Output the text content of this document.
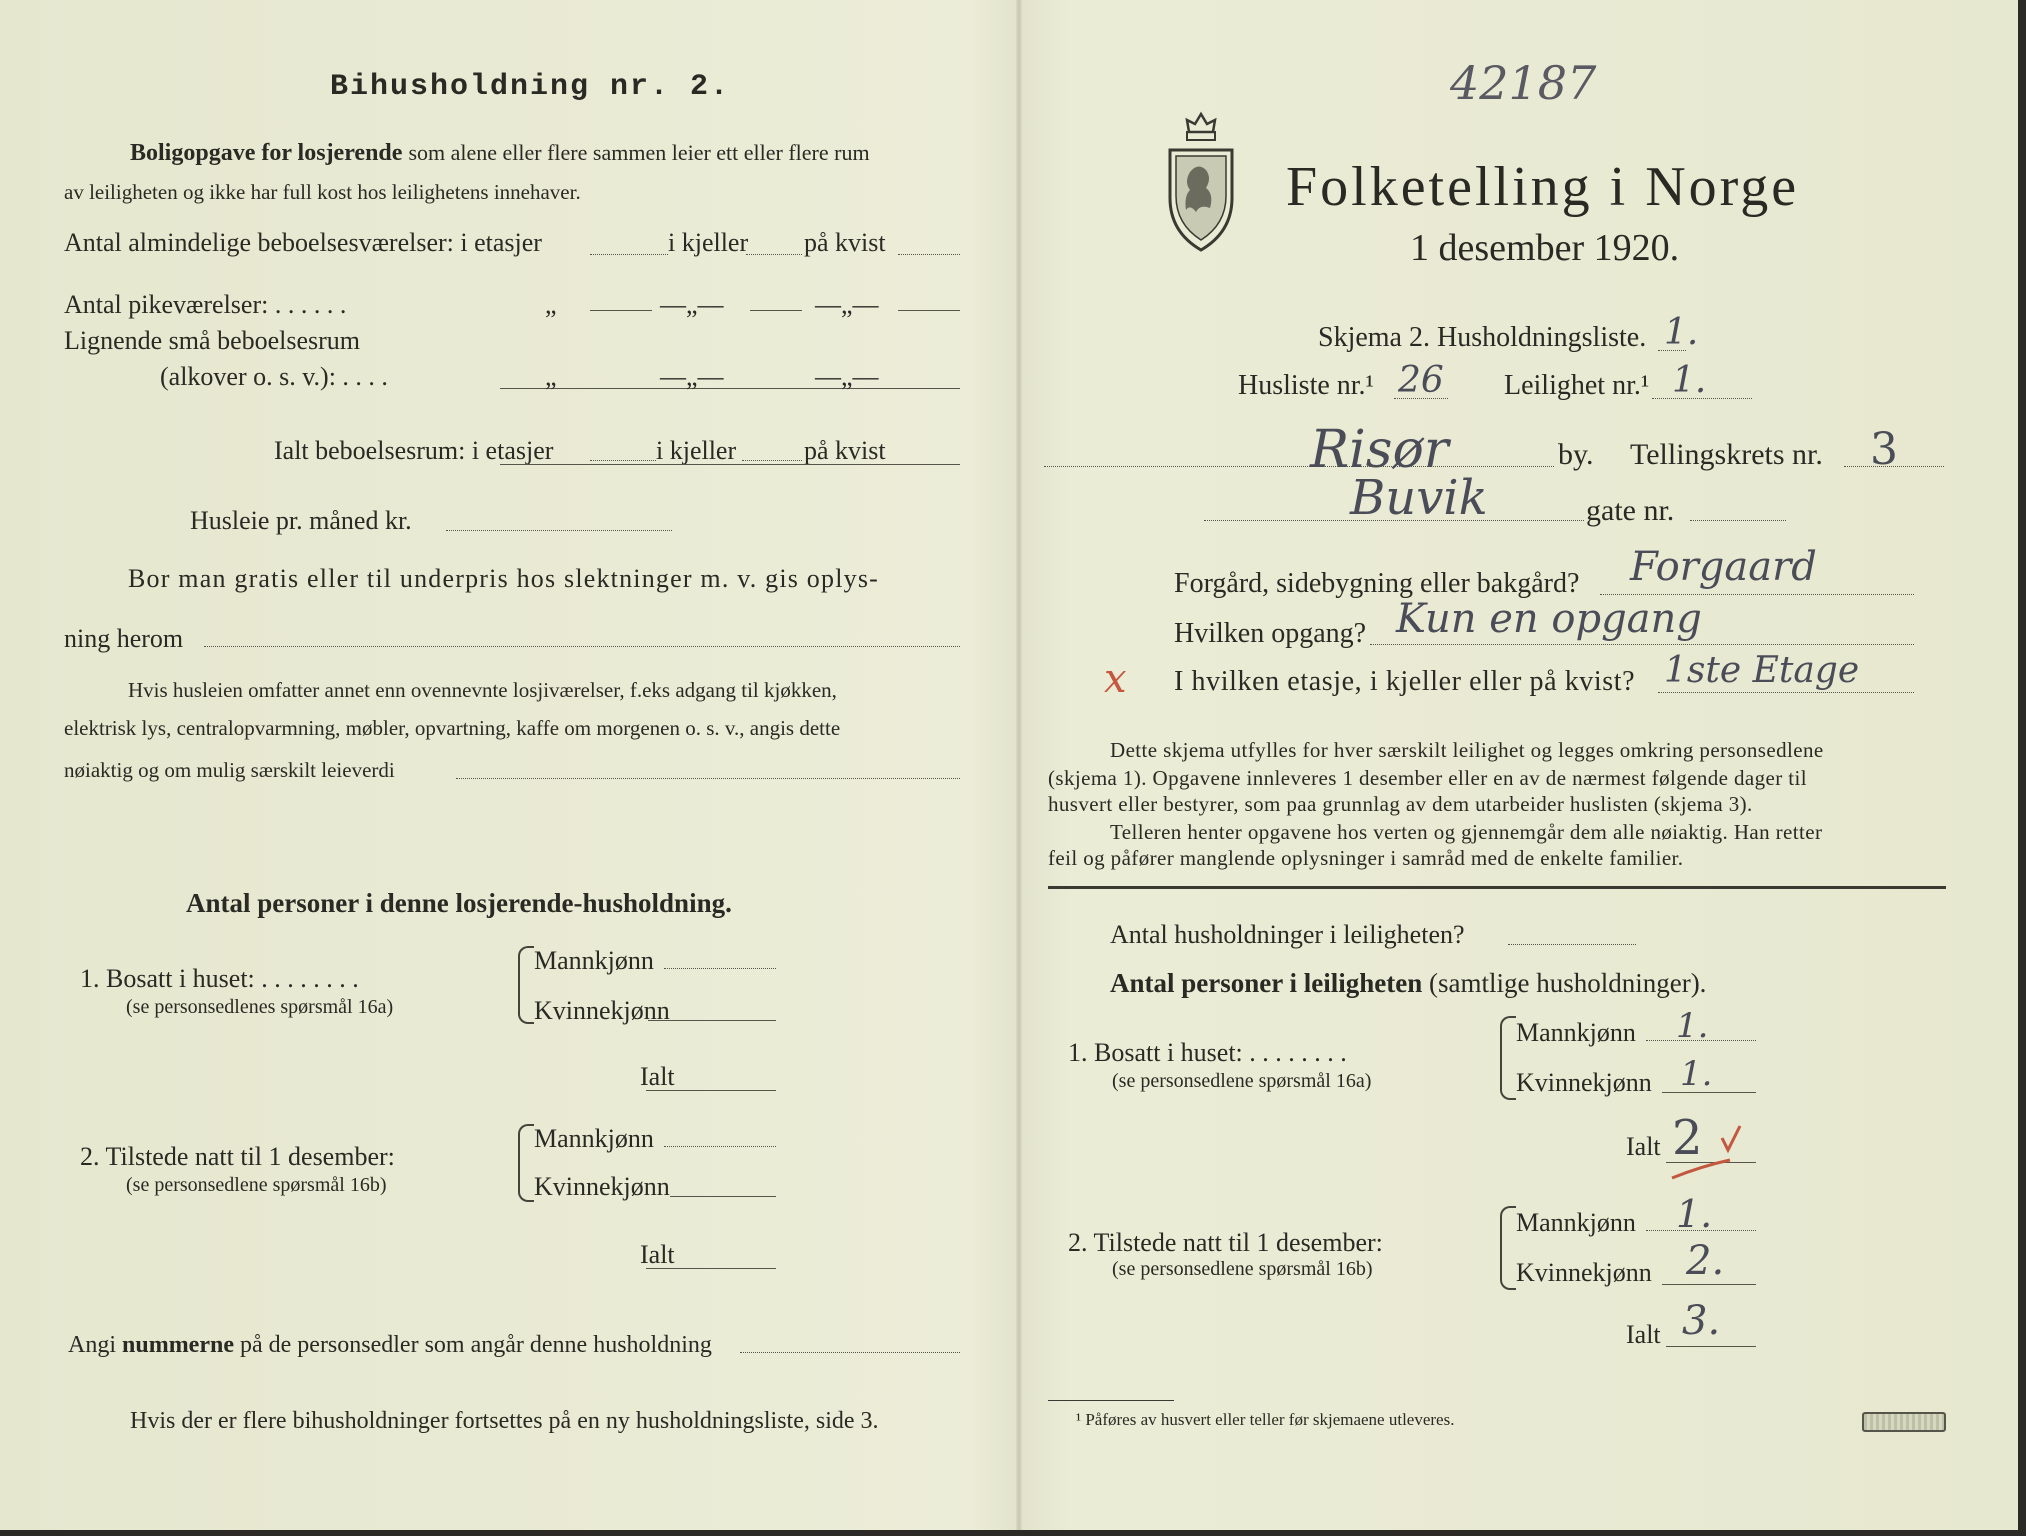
Bihusholdning nr. 2.
Boligopgave for losjerende som alene eller flere sammen leier ett eller flere rum
av leiligheten og ikke har full kost hos leilighetens innehaver.
Antal almindelige beboelsesværelser: i etasjer	i kjeller på kvist
Antal pikeværelser: . . . . . .	„	—„—	—„—
Lignende små beboelsesrum
(alkover o. s. v.): . . . .	„	—„—	—„—
Ialt beboelsesrum: i etasjer	i kjeller	på kvist
Husleie pr. måned kr.
Bor man gratis eller til underpris hos slektninger m. v. gis oplys-
ning herom
Hvis husleien omfatter annet enn ovennevnte losjiværelser, f.eks adgang til kjøkken,
elektrisk lys, centralopvarmning, møbler, opvartning, kaffe om morgenen o. s. v., angis dette
nøiaktig og om mulig særskilt leieverdi
Antal personer i denne losjerende-husholdning.
1. Bosatt i huset: . . . . . . . .
(se personsedlenes spørsmål 16a)
Mannkjønn
Kvinnekjønn
Ialt
2. Tilstede natt til 1 desember:
(se personsedlene spørsmål 16b)
Mannkjønn
Kvinnekjønn
Ialt
Angi nummerne på de personsedler som angår denne husholdning
Hvis der er flere bihusholdninger fortsettes på en ny husholdningsliste, side 3.
42187
Folketelling i Norge
1 desember 1920.
Skjema 2. Husholdningsliste. 1.
Husliste nr.¹ 26 Leilighet nr.¹ 1.
Risør	by. Tellingskrets nr. 3
Buvik	gate nr.
Forgård, sidebygning eller bakgård? Forgaard
Hvilken opgang? Kun en opgang
x I hvilken etasje, i kjeller eller på kvist? 1ste Etage
Dette skjema utfylles for hver særskilt leilighet og legges omkring personsedlene
(skjema 1). Opgavene innleveres 1 desember eller en av de nærmest følgende dager til
husvert eller bestyrer, som paa grunnlag av dem utarbeider huslisten (skjema 3).
Telleren henter opgavene hos verten og gjennemgår dem alle nøiaktig. Han retter
feil og påfører manglende oplysninger i samråd med de enkelte familier.
Antal husholdninger i leiligheten?
Antal personer i leiligheten (samtlige husholdninger).
1. Bosatt i huset: . . . . . . . .
(se personsedlene spørsmål 16a)
Mannkjønn 1.
Kvinnekjønn 1.
Ialt 2
2. Tilstede natt til 1 desember:
(se personsedlene spørsmål 16b)
Mannkjønn 1.
Kvinnekjønn 2.
Ialt 3.
¹ Påføres av husvert eller teller før skjemaene utleveres.
